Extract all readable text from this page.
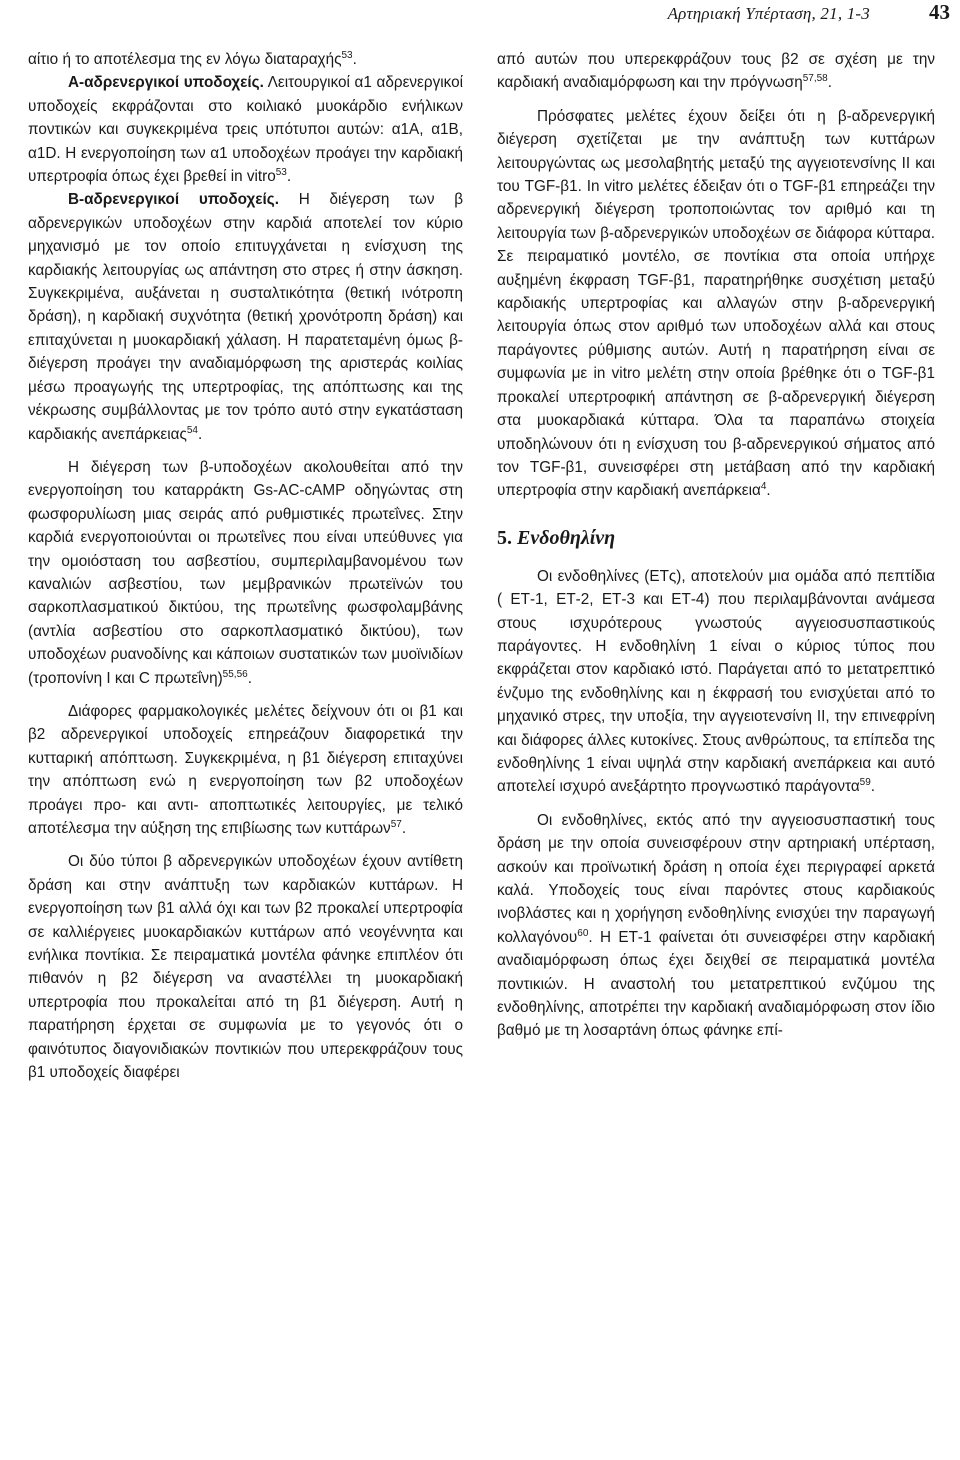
Αρτηριακή Υπέρταση, 21, 1-3	43

αίτιο ή το αποτέλεσμα της εν λόγω διαταραχής$^{53}$.

Α-αδρενεργικοί υποδοχείς. Λειτουργικοί α1 αδρενεργικοί υποδοχείς εκφράζονται στο κοιλιακό μυοκάρδιο ενήλικων ποντικών και συγκεκριμένα τρεις υπότυποι αυτών: α1Α, α1Β, α1D. Η ενεργοποίηση των α1 υποδοχέων προάγει την καρδιακή υπερτροφία όπως έχει βρεθεί in vitro$^{53}$.

Β-αδρενεργικοί υποδοχείς. Η διέγερση των β αδρενεργικών υποδοχέων στην καρδιά αποτελεί τον κύριο μηχανισμό με τον οποίο επιτυγχάνεται η ενίσχυση της καρδιακής λειτουργίας ως απάντηση στο στρες ή στην άσκηση. Συγκεκριμένα, αυξάνεται η συσταλτικότητα (θετική ινότροπη δράση), η καρδιακή συχνότητα (θετική χρονότροπη δράση) και επιταχύνεται η μυοκαρδιακή χάλαση. Η παρατεταμένη όμως β-διέγερση προάγει την αναδιαμόρφωση της αριστεράς κοιλίας μέσω προαγωγής της υπερτροφίας, της απόπτωσης και της νέκρωσης συμβάλλοντας με τον τρόπο αυτό στην εγκατάσταση καρδιακής ανεπάρκειας$^{54}$.

Η διέγερση των β-υποδοχέων ακολουθείται από την ενεργοποίηση του καταρράκτη Gs-AC-cAMP οδηγώντας στη φωσφορυλίωση μιας σειράς από ρυθμιστικές πρωτεΐνες. Στην καρδιά ενεργοποιούνται οι πρωτεΐνες που είναι υπεύθυνες για την ομοιόσταση του ασβεστίου, συμπεριλαμβανομένου των καναλιών ασβεστίου, των μεμβρανικών πρωτεϊνών του σαρκοπλασματικού δικτύου, της πρωτεΐνης φωσφολαμβάνης (αντλία ασβεστίου στο σαρκοπλασματικό δικτύου), των υποδοχέων ρυανοδίνης και κάποιων συστατικών των μυοϊνιδίων (τροπονίνη Ι και C πρωτεΐνη)$^{55,56}$.

Διάφορες φαρμακολογικές μελέτες δείχνουν ότι οι β1 και β2 αδρενεργικοί υποδοχείς επηρεάζουν διαφορετικά την κυτταρική απόπτωση. Συγκεκριμένα, η β1 διέγερση επιταχύνει την απόπτωση ενώ η ενεργοποίηση των β2 υποδοχέων προάγει προ- και αντι- αποπτωτικές λειτουργίες, με τελικό αποτέλεσμα την αύξηση της επιβίωσης των κυττάρων$^{57}$.

Οι δύο τύποι β αδρενεργικών υποδοχέων έχουν αντίθετη δράση και στην ανάπτυξη των καρδιακών κυττάρων. Η ενεργοποίηση των β1 αλλά όχι και των β2 προκαλεί υπερτροφία σε καλλιέργειες μυοκαρδιακών κυττάρων από νεογέννητα και ενήλικα ποντίκια. Σε πειραματικά μοντέλα φάνηκε επιπλέον ότι πιθανόν η β2 διέγερση να αναστέλλει τη μυοκαρδιακή υπερτροφία που προκαλείται από τη β1 διέγερση. Αυτή η παρατήρηση έρχεται σε συμφωνία με το γεγονός ότι ο φαινότυπος διαγονιδιακών ποντικιών που υπερεκφράζουν τους β1 υποδοχείς διαφέρει

από αυτών που υπερεκφράζουν τους β2 σε σχέση με την καρδιακή αναδιαμόρφωση και την πρόγνωση$^{57,58}$.

Πρόσφατες μελέτες έχουν δείξει ότι η β-αδρενεργική διέγερση σχετίζεται με την ανάπτυξη των κυττάρων λειτουργώντας ως μεσολαβητής μεταξύ της αγγειοτενσίνης ΙΙ και του TGF-β1. In vitro μελέτες έδειξαν ότι ο TGF-β1 επηρεάζει την αδρενεργική διέγερση τροποποιώντας τον αριθμό και τη λειτουργία των β-αδρενεργικών υποδοχέων σε διάφορα κύτταρα. Σε πειραματικό μοντέλο, σε ποντίκια στα οποία υπήρχε αυξημένη έκφραση TGF-β1, παρατηρήθηκε συσχέτιση μεταξύ καρδιακής υπερτροφίας και αλλαγών στην β-αδρενεργική λειτουργία όπως στον αριθμό των υποδοχέων αλλά και στους παράγοντες ρύθμισης αυτών. Αυτή η παρατήρηση είναι σε συμφωνία με in vitro μελέτη στην οποία βρέθηκε ότι ο TGF-β1 προκαλεί υπερτροφική απάντηση σε β-αδρενεργική διέγερση στα μυοκαρδιακά κύτταρα. Όλα τα παραπάνω στοιχεία υποδηλώνουν ότι η ενίσχυση του β-αδρενεργικού σήματος από τον TGF-β1, συνεισφέρει στη μετάβαση από την καρδιακή υπερτροφία στην καρδιακή ανεπάρκεια$^4$.

5. Ενδοθηλίνη

Οι ενδοθηλίνες (ΕΤς), αποτελούν μια ομάδα από πεπτίδια ( ΕΤ-1, ΕΤ-2, ΕΤ-3 και ΕΤ-4) που περιλαμβάνονται ανάμεσα στους ισχυρότερους γνωστούς αγγειοσυσπαστικούς παράγοντες. Η ενδοθηλίνη 1 είναι ο κύριος τύπος που εκφράζεται στον καρδιακό ιστό. Παράγεται από το μετατρεπτικό ένζυμο της ενδοθηλίνης και η έκφρασή του ενισχύεται από το μηχανικό στρες, την υποξία, την αγγειοτενσίνη ΙΙ, την επινεφρίνη και διάφορες άλλες κυτοκίνες. Στους ανθρώπους, τα επίπεδα της ενδοθηλίνης 1 είναι υψηλά στην καρδιακή ανεπάρκεια και αυτό αποτελεί ισχυρό ανεξάρτητο προγνωστικό παράγοντα$^{59}$.

Οι ενδοθηλίνες, εκτός από την αγγειοσυσπαστική τους δράση με την οποία συνεισφέρουν στην αρτηριακή υπέρταση, ασκούν και προϊνωτική δράση η οποία έχει περιγραφεί αρκετά καλά. Υποδοχείς τους είναι παρόντες στους καρδιακούς ινοβλάστες και η χορήγηση ενδοθηλίνης ενισχύει την παραγωγή κολλαγόνου$^{60}$. Η ΕΤ-1 φαίνεται ότι συνεισφέρει στην καρδιακή αναδιαμόρφωση όπως έχει δειχθεί σε πειραματικά μοντέλα ποντικιών. Η αναστολή του μετατρεπτικού ενζύμου της ενδοθηλίνης, αποτρέπει την καρδιακή αναδιαμόρφωση στον ίδιο βαθμό με τη λοσαρτάνη όπως φάνηκε επί-
